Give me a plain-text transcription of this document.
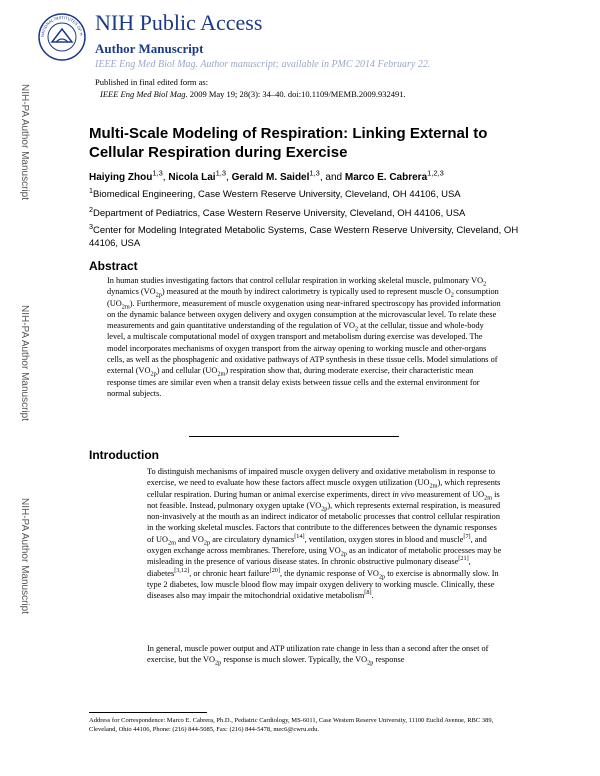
NATIONAL INSTITUTES OF H NIH Public Access
Author Manuscript
IEEE Eng Med Biol Mag. Author manuscript; available in PMC 2014 February 22.
Published in final edited form as:
IEEE Eng Med Biol Mag. 2009 May 19; 28(3): 34–40. doi:10.1109/MEMB.2009.932491.
NIH-PA Author Manuscript
NIH-PA Author Manuscript
NIH-PA Author Manuscript
Multi-Scale Modeling of Respiration: Linking External to Cellular Respiration during Exercise
Haiying Zhou$^{1,3}$, Nicola Lai$^{1,3}$, Gerald M. Saidel$^{1,3}$, and Marco E. Cabrera$^{1,2,3}$
$^1$Biomedical Engineering, Case Western Reserve University, Cleveland, OH 44106, USA
$^2$Department of Pediatrics, Case Western Reserve University, Cleveland, OH 44106, USA
$^3$Center for Modeling Integrated Metabolic Systems, Case Western Reserve University, Cleveland, OH 44106, USA
Abstract
In human studies investigating factors that control cellular respiration in working skeletal muscle, pulmonary $VO_2$ dynamics $(VO_{2p})$ measured at the mouth by indirect calorimetry is typically used to represent muscle $O_2$ consumption $(UO_{2m})$. Furthermore, measurement of muscle oxygenation using near-infrared spectroscopy has provided information on the dynamic balance between oxygen delivery and oxygen consumption at the microvascular level. To relate these measurements and gain quantitative understanding of the regulation of $VO_2$ at the cellular, tissue and whole-body level, a multiscale computational model of oxygen transport and metabolism during exercise was developed. The model incorporates mechanisms of oxygen transport from the airway opening to working muscle and other-organs cells, as well as the phosphagenic and oxidative pathways of ATP synthesis in these tissue cells. Model simulations of external $(VO_{2p})$ and cellular $(UO_{2m})$ respiration show that, during moderate exercise, their characteristic mean response times are similar even when a transit delay exists between tissue cells and the external environment for normal subjects.
Introduction
To distinguish mechanisms of impaired muscle oxygen delivery and oxidative metabolism in response to exercise, we need to evaluate how these factors affect muscle oxygen utilization $(UO_{2m})$, which represents cellular respiration. During human or animal exercise experiments, direct in vivo measurement of $UO_{2m}$ is not feasible. Instead, pulmonary oxygen uptake $(VO_{2p})$, which represents external respiration, is measured non-invasively at the mouth as an indirect indicator of metabolic processes that control cellular respiration in the working skeletal muscles. Factors that contribute to the differences between the dynamic responses of $UO_{2m}$ and $VO_{2p}$ are circulatory dynamics[14], ventilation, oxygen stores in blood and muscle[7], and oxygen exchange across membranes. Therefore, using $VO_{2p}$ as an indicator of metabolic processes may be misleading in the presence of various disease states. In chronic obstructive pulmonary disease[21], diabetes[3,12], or chronic heart failure[20], the dynamic response of $VO_{2p}$ to exercise is abnormally slow. In type 2 diabetes, low muscle blood flow may impair oxygen delivery to working muscle. Clinically, these diseases also may impair the mitochondrial oxidative metabolism[8].
In general, muscle power output and ATP utilization rate change in less than a second after the onset of exercise, but the $VO_{2p}$ response is much slower. Typically, the $VO_{2p}$ response
Address for Correspondence: Marco E. Cabrera, Ph.D., Pediatric Cardiology, MS-6011, Case Western Reserve University, 11100 Euclid Avenue, RBC 389, Cleveland, Ohio 44106, Phone: (216) 844-5085, Fax: (216) 844-5478, mec6@cwru.edu.
